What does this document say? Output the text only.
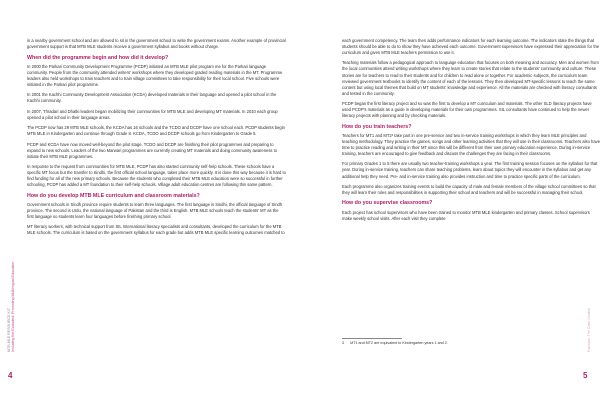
in a nearby government school and are allowed to sit in the government school to write the government exams. Another example of provincial government support is that MTB MLE students receive a government syllabus and books without charge.

When did the programme begin and how did it develop?

In 2000 the Parkari Community Development Programme (PCDP) initiated an MTB MLE pilot program me for the Parkari language community. People from the community attended writers' workshops where they developed graded reading materials in the MT. Programme leaders also held workshops to train teachers and to train village committees to take responsibility for their local school. Five schools were initiated in the Parkari pilot programme.

In 2001 the Kachhi Community Development Association (KCDA) developed materials in their language and opened a pilot school in the Kachhi community.

In 2007, Thradari and Dhatki leaders began mobilizing their communities for MTB MLE and developing MT materials. In 2010 each group opened a pilot school in their language areas.

The PCDP now has 29 MTB MLE schools, the KCDA has 16 schools and the TCDO and DCDP have one school each. PCDP students begin MTB MLE in Kindergarten and continue through Grade 8. KCDA, TCDO and DCDP schools go from Kindergarten to Grade 5.

PCDP and KCDA have now moved well-beyond the pilot stage. TCDO and DCDP are finishing their pilot programmes and preparing to expand to new schools. Leaders of the two Marwari programmes are currently creating MT materials and doing community awareness to initiate their MTB MLE programmes.

In response to the request from communities for MTB MLE, PCDP has also started community self-help schools. These schools have a specific MT focus but the transfer to Sindhi, the first official school language, takes place more quickly. It is done this way because it is hard to find funding for all of the new primary schools. Because the students who completed their MTB MLE education were so successful in further schooling, PCDP has added a MT foundation to their self-help schools. Village adult education centres are following this same pattern.

How do you develop MTB MLE curriculum and classroom materials?

Government schools in Sindh province require students to learn three languages. The first language is Sindhi, the official language of Sindh province. The second is Urdu, the national language of Pakistan and the third is English. MTB MLE schools teach the students' MT as the first language so students learn four languages before finishing primary school.

MT literacy workers, with technical support from SIL International literacy specialists and consultants, developed the curriculum for the MTB MLE schools. The curriculum is based on the government syllabus for each grade but adds MTB MLE specific learning outcomes matched to

each government competency. The team then adds performance indicators for each learning outcome. The indicators state the things that students should be able to do to show they have achieved each outcome. Government supervisors have expressed their appreciation for the curriculum and given MTB MLE teachers permission to use it.

Teaching materials follow a pedagogical approach to language education that focuses on both meaning and accuracy. Men and women from the local communities attend writing workshops where they learn to create stories that relate to the students' community and culture. These stories are for teachers to read to their students and for children to read alone or together. For academic subjects, the curriculum team reviewed government textbooks to identify the content of each of the lessons. They then developed MT-specific lessons to teach the same content but using local themes that build on MT students' knowledge and experience. All the materials are checked with literacy consultants and tested in the community.

PCDP began the first literacy project and so was the first to develop a MT curriculum and materials. The other SLD literacy projects have used PCDP's materials as a guide in developing materials for their own programmes. SIL consultants have continued to help the newer literacy projects with planning and by checking materials.

How do you train teachers?

Teachers for MT1 and MT2³ take part in one pre-service and two in-service training workshops in which they learn MLE principles and teaching methodology. They practice the games, songs and other learning activities that they will use in their classrooms. Teachers also have time to practice reading and writing in their MT since this will be different from their own primary education experience. During in-service training, teachers are encouraged to give feedback and discuss the challenges they are facing in their classrooms.

For primary Grades 1 to 5 there are usually two teacher-training workshops a year. The first training session focuses on the syllabus for that year. During in-service training, teachers can share teaching problems, learn about topics they will encounter in the syllabus and get any additional help they need. Pre- and in-service training also provides instruction and time to practice specific parts of the curriculum.

Each programme also organizes training events to build the capacity of male and female members of the village school committees so that they will learn their roles and responsibilities in supporting their school and teachers and will be successful in managing their school.

How do you supervise classrooms?

Each project has school supervisors who have been trained to monitor MTB MLE kindergarten and primary classes. School supervisors make weekly school visits. After each visit they complete

MTB-MLE RESOURCE KIT
Including the Excluded: Promoting Multilingual Education	Pakistan: The Case Studies
4	5
3 MT1 and MT2 are equivalent to Kindergarten years 1 and 2.
